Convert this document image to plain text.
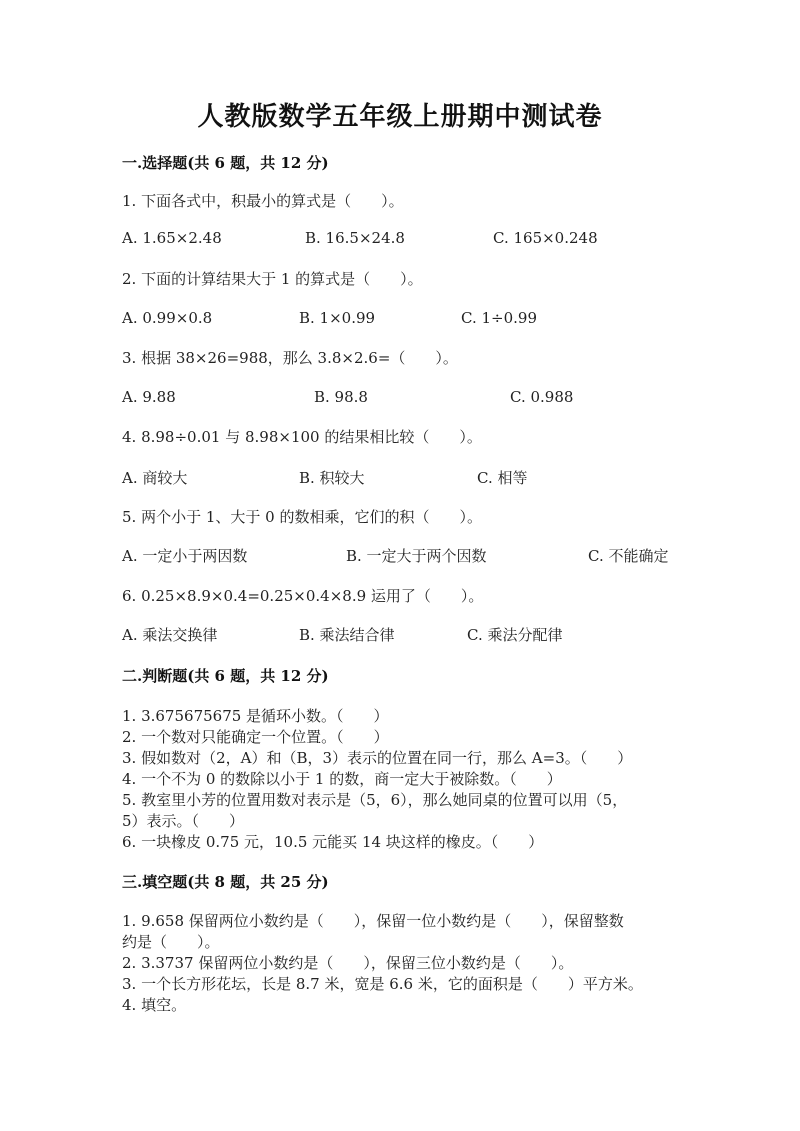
人教版数学五年级上册期中测试卷
一.选择题(共 6 题，共 12 分)
1. 下面各式中，积最小的算式是（　　）。
A. 1.65×2.48	B. 16.5×24.8	C. 165×0.248
2. 下面的计算结果大于 1 的算式是（　　）。
A. 0.99×0.8	B. 1×0.99	C. 1÷0.99
3. 根据 38×26=988，那么 3.8×2.6=（　　）。
A. 9.88	B. 98.8	C. 0.988
4. 8.98÷0.01 与 8.98×100 的结果相比较（　　）。
A. 商较大	B. 积较大	C. 相等
5. 两个小于 1、大于 0 的数相乘，它们的积（　　）。
A. 一定小于两因数	B. 一定大于两个因数	C. 不能确定
6. 0.25×8.9×0.4=0.25×0.4×8.9 运用了（　　）。
A. 乘法交换律	B. 乘法结合律	C. 乘法分配律
二.判断题(共 6 题，共 12 分)
1. 3.675675675 是循环小数。（　　）
2. 一个数对只能确定一个位置。（　　）
3. 假如数对（2，A）和（B，3）表示的位置在同一行，那么 A=3。（　　）
4. 一个不为 0 的数除以小于 1 的数，商一定大于被除数。（　　）
5. 教室里小芳的位置用数对表示是（5，6），那么她同桌的位置可以用（5，
5）表示。（　　）
6. 一块橡皮 0.75 元，10.5 元能买 14 块这样的橡皮。（　　）
三.填空题(共 8 题，共 25 分)
1. 9.658 保留两位小数约是（　　），保留一位小数约是（　　），保留整数
约是（　　）。
2. 3.3737 保留两位小数约是（　　），保留三位小数约是（　　）。
3. 一个长方形花坛，长是 8.7 米，宽是 6.6 米，它的面积是（　　）平方米。
4. 填空。
